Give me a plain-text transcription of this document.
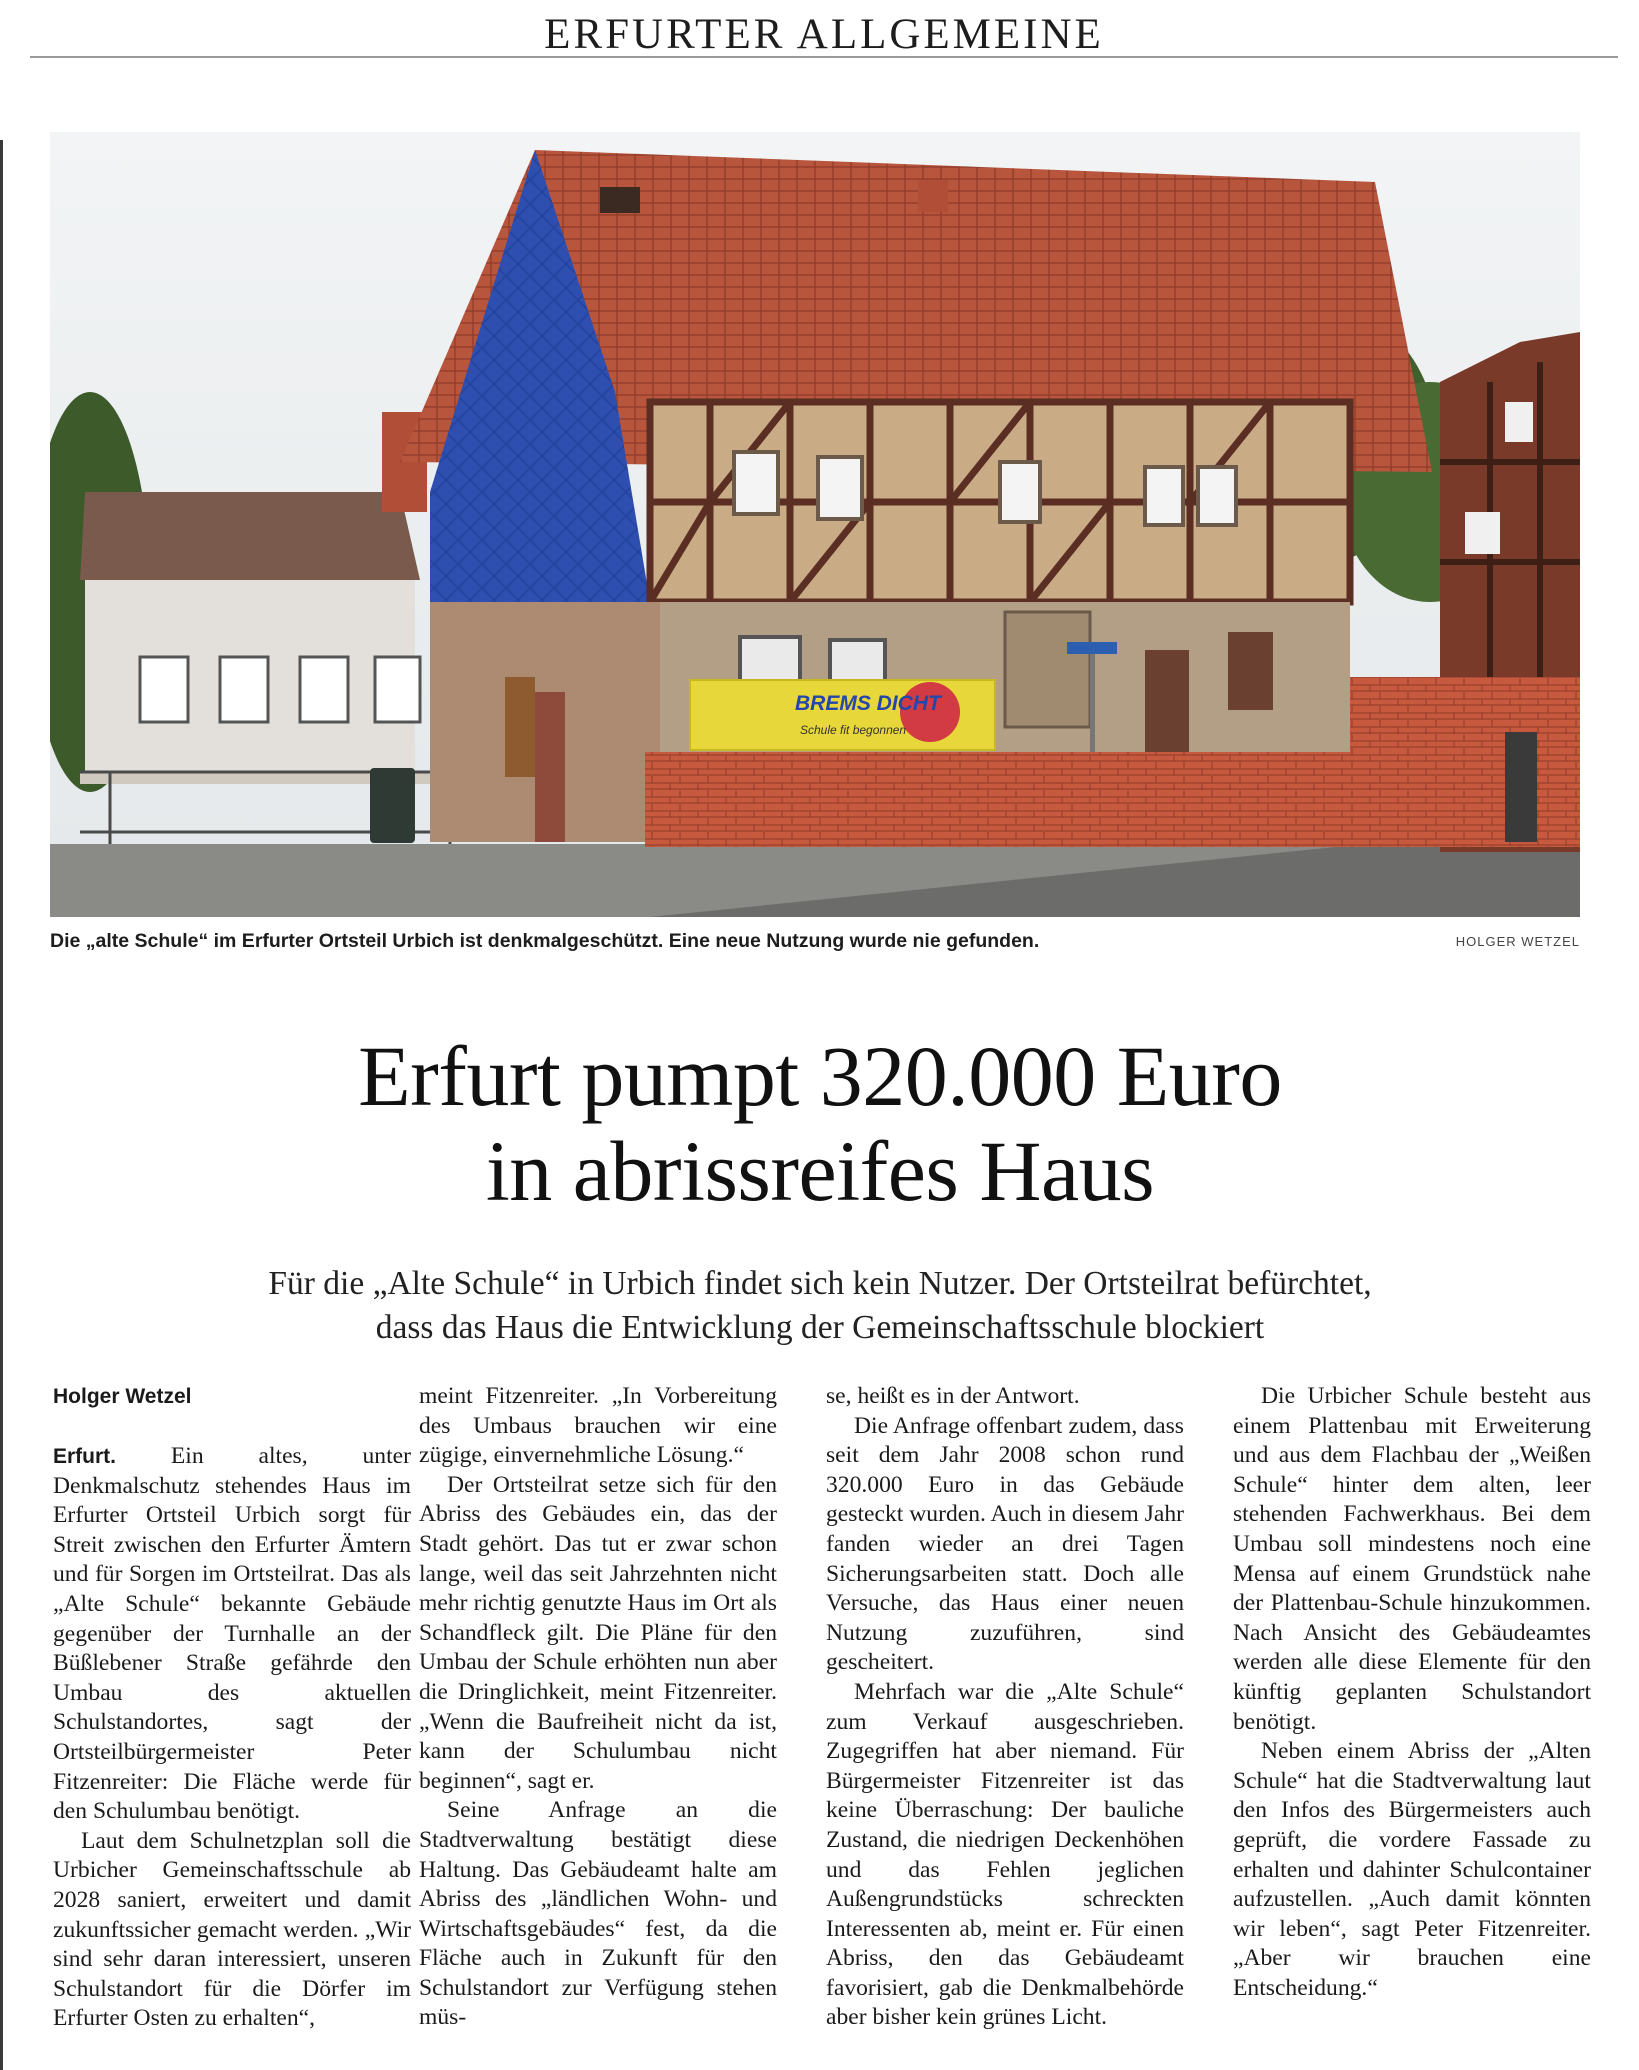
ERFURTER ALLGEMEINE
BREMS DICHT
Schule fit begonnen
Die „alte Schule“ im Erfurter Ortsteil Urbich ist denkmalgeschützt. Eine neue Nutzung wurde nie gefunden.	HOLGER WETZEL
Erfurt pumpt 320.000 Euro
in abrissreifes Haus
Für die „Alte Schule“ in Urbich findet sich kein Nutzer. Der Ortsteilrat befürchtet,
dass das Haus die Entwicklung der Gemeinschaftsschule blockiert
Holger Wetzel

Erfurt. Ein altes, unter Denkmalschutz stehendes Haus im Erfurter Ortsteil Urbich sorgt für Streit zwischen den Erfurter Ämtern und für Sorgen im Ortsteilrat. Das als „Alte Schule“ bekannte Gebäude gegenüber der Turnhalle an der Büßlebener Straße gefährde den Umbau des aktuellen Schulstandortes, sagt der Ortsteilbürgermeister Peter Fitzenreiter: Die Fläche werde für den Schulumbau benötigt.

Laut dem Schulnetzplan soll die Urbicher Gemeinschaftsschule ab 2028 saniert, erweitert und damit zukunftssicher gemacht werden. „Wir sind sehr daran interessiert, unseren Schulstandort für die Dörfer im Erfurter Osten zu erhalten“,

meint Fitzenreiter. „In Vorbereitung des Umbaus brauchen wir eine zügige, einvernehmliche Lösung.“

Der Ortsteilrat setze sich für den Abriss des Gebäudes ein, das der Stadt gehört. Das tut er zwar schon lange, weil das seit Jahrzehnten nicht mehr richtig genutzte Haus im Ort als Schandfleck gilt. Die Pläne für den Umbau der Schule erhöhten nun aber die Dringlichkeit, meint Fitzenreiter. „Wenn die Baufreiheit nicht da ist, kann der Schulumbau nicht beginnen“, sagt er.

Seine Anfrage an die Stadtverwaltung bestätigt diese Haltung. Das Gebäudeamt halte am Abriss des „ländlichen Wohn- und Wirtschaftsgebäudes“ fest, da die Fläche auch in Zukunft für den Schulstandort zur Verfügung stehen müs-

se, heißt es in der Antwort.

Die Anfrage offenbart zudem, dass seit dem Jahr 2008 schon rund 320.000 Euro in das Gebäude gesteckt wurden. Auch in diesem Jahr fanden wieder an drei Tagen Sicherungsarbeiten statt. Doch alle Versuche, das Haus einer neuen Nutzung zuzuführen, sind gescheitert.

Mehrfach war die „Alte Schule“ zum Verkauf ausgeschrieben. Zugegriffen hat aber niemand. Für Bürgermeister Fitzenreiter ist das keine Überraschung: Der bauliche Zustand, die niedrigen Deckenhöhen und das Fehlen jeglichen Außengrundstücks schreckten Interessenten ab, meint er. Für einen Abriss, den das Gebäudeamt favorisiert, gab die Denkmalbehörde aber bisher kein grünes Licht.

Die Urbicher Schule besteht aus einem Plattenbau mit Erweiterung und aus dem Flachbau der „Weißen Schule“ hinter dem alten, leer stehenden Fachwerkhaus. Bei dem Umbau soll mindestens noch eine Mensa auf einem Grundstück nahe der Plattenbau-Schule hinzukommen. Nach Ansicht des Gebäudeamtes werden alle diese Elemente für den künftig geplanten Schulstandort benötigt.

Neben einem Abriss der „Alten Schule“ hat die Stadtverwaltung laut den Infos des Bürgermeisters auch geprüft, die vordere Fassade zu erhalten und dahinter Schulcontainer aufzustellen. „Auch damit könnten wir leben“, sagt Peter Fitzenreiter. „Aber wir brauchen eine Entscheidung.“
